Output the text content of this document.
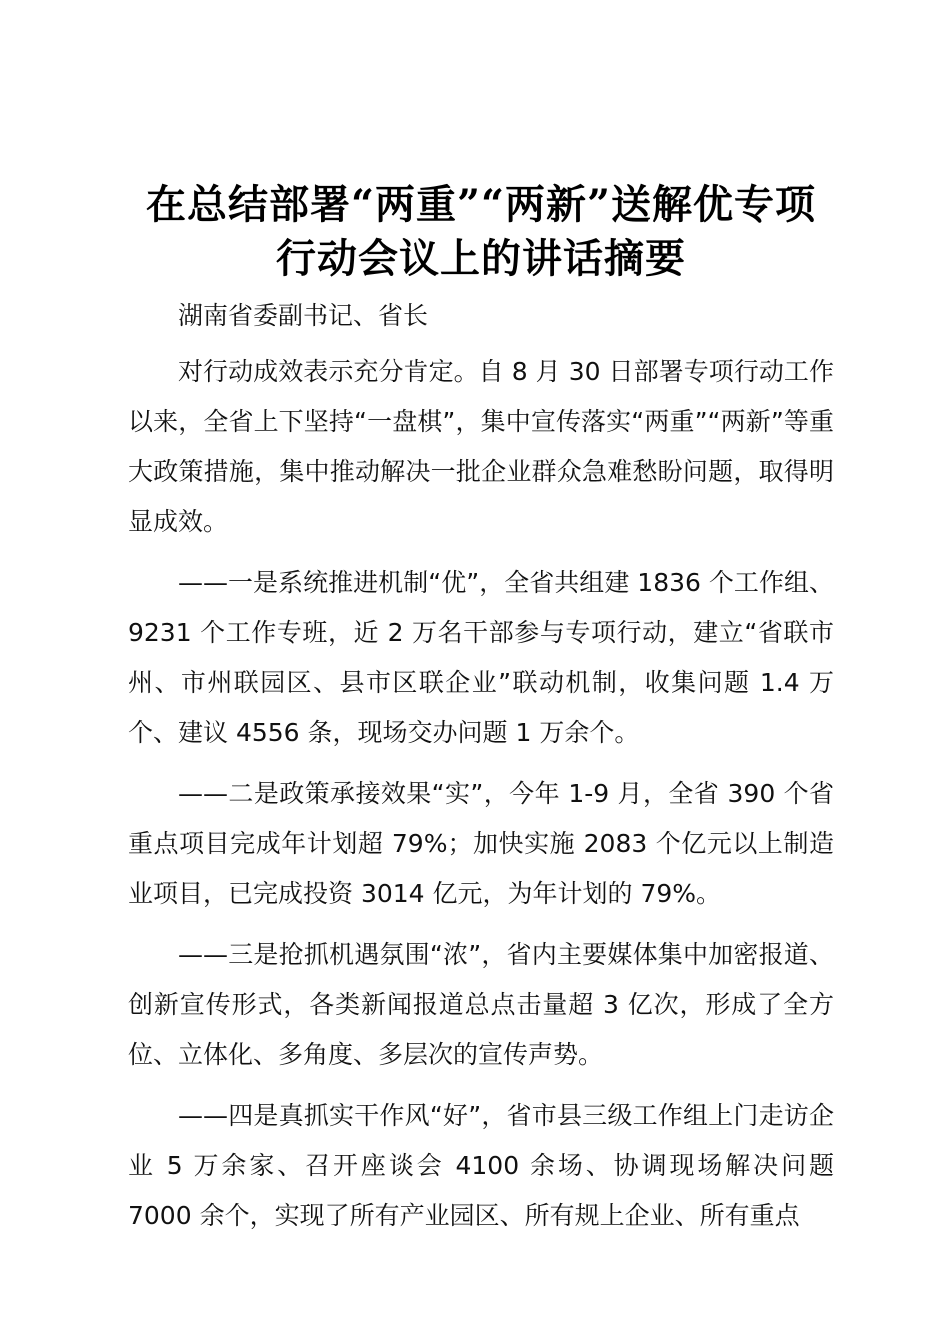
在总结部署“两重”“两新”送解优专项行动会议上的讲话摘要

湖南省委副书记、省长

对行动成效表示充分肯定。自 8 月 30 日部署专项行动工作以来，全省上下坚持“一盘棋”，集中宣传落实“两重”“两新”等重大政策措施，集中推动解决一批企业群众急难愁盼问题，取得明显成效。

——一是系统推进机制“优”，全省共组建 1836 个工作组、9231 个工作专班，近 2 万名干部参与专项行动，建立“省联市州、市州联园区、县市区联企业”联动机制，收集问题 1.4 万个、建议 4556 条，现场交办问题 1 万余个。

——二是政策承接效果“实”，今年 1-9 月，全省 390 个省重点项目完成年计划超 79%；加快实施 2083 个亿元以上制造业项目，已完成投资 3014 亿元，为年计划的 79%。

——三是抢抓机遇氛围“浓”，省内主要媒体集中加密报道、创新宣传形式，各类新闻报道总点击量超 3 亿次，形成了全方位、立体化、多角度、多层次的宣传声势。

——四是真抓实干作风“好”，省市县三级工作组上门走访企业 5 万余家、召开座谈会 4100 余场、协调现场解决问题 7000 余个，实现了所有产业园区、所有规上企业、所有重点
